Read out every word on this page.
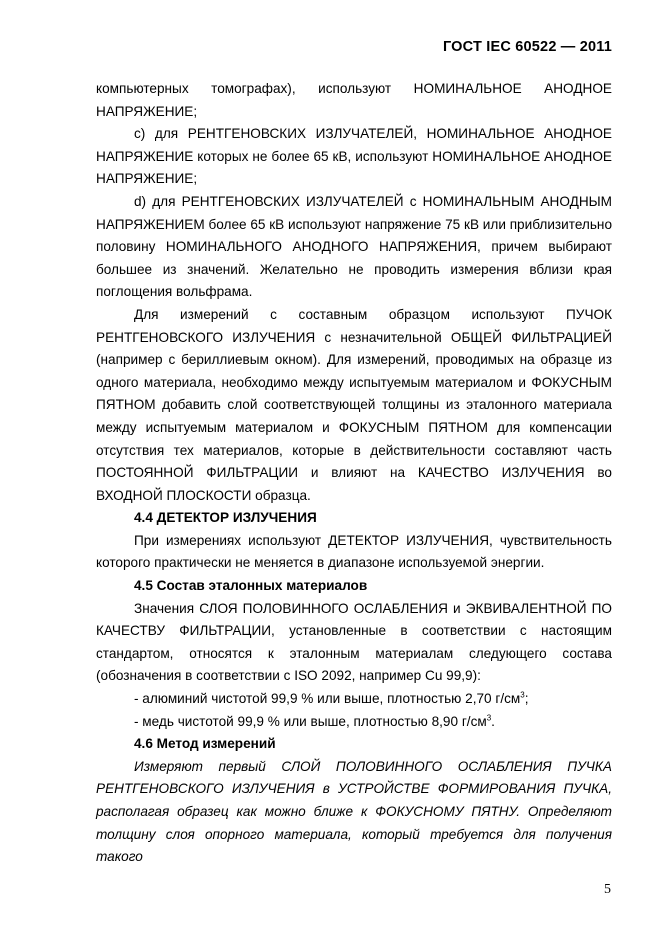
ГОСТ IEC 60522 — 2011

компьютерных томографах), используют НОМИНАЛЬНОЕ АНОДНОЕ НАПРЯЖЕНИЕ;

c) для РЕНТГЕНОВСКИХ ИЗЛУЧАТЕЛЕЙ, НОМИНАЛЬНОЕ АНОДНОЕ НАПРЯЖЕНИЕ которых не более 65 кВ, используют НОМИНАЛЬНОЕ АНОДНОЕ НАПРЯЖЕНИЕ;

d) для РЕНТГЕНОВСКИХ ИЗЛУЧАТЕЛЕЙ с НОМИНАЛЬНЫМ АНОДНЫМ НАПРЯЖЕНИЕМ более 65 кВ используют напряжение 75 кВ или приблизительно половину НОМИНАЛЬНОГО АНОДНОГО НАПРЯЖЕНИЯ, причем выбирают большее из значений. Желательно не проводить измерения вблизи края поглощения вольфрама.

Для измерений с составным образцом используют ПУЧОК РЕНТГЕНОВСКОГО ИЗЛУЧЕНИЯ с незначительной ОБЩЕЙ ФИЛЬТРАЦИЕЙ (например с бериллиевым окном). Для измерений, проводимых на образце из одного материала, необходимо между испытуемым материалом и ФОКУСНЫМ ПЯТНОМ добавить слой соответствующей толщины из эталонного материала между испытуемым материалом и ФОКУСНЫМ ПЯТНОМ для компенсации отсутствия тех материалов, которые в действительности составляют часть ПОСТОЯННОЙ ФИЛЬТРАЦИИ и влияют на КАЧЕСТВО ИЗЛУЧЕНИЯ во ВХОДНОЙ ПЛОСКОСТИ образца.

4.4 ДЕТЕКТОР ИЗЛУЧЕНИЯ

При измерениях используют ДЕТЕКТОР ИЗЛУЧЕНИЯ, чувствительность которого практически не меняется в диапазоне используемой энергии.

4.5 Состав эталонных материалов

Значения СЛОЯ ПОЛОВИННОГО ОСЛАБЛЕНИЯ и ЭКВИВАЛЕНТНОЙ ПО КАЧЕСТВУ ФИЛЬТРАЦИИ, установленные в соответствии с настоящим стандартом, относятся к эталонным материалам следующего состава (обозначения в соответствии с ISO 2092, например Cu 99,9):

- алюминий чистотой 99,9 % или выше, плотностью 2,70 $г/см^3$;

- медь чистотой 99,9 % или выше, плотностью 8,90 $г/см^3$.

4.6 Метод измерений

Измеряют первый СЛОЙ ПОЛОВИННОГО ОСЛАБЛЕНИЯ ПУЧКА РЕНТГЕНОВСКОГО ИЗЛУЧЕНИЯ в УСТРОЙСТВЕ ФОРМИРОВАНИЯ ПУЧКА, располагая образец как можно ближе к ФОКУСНОМУ ПЯТНУ. Определяют толщину слоя опорного материала, который требуется для получения такого

5
